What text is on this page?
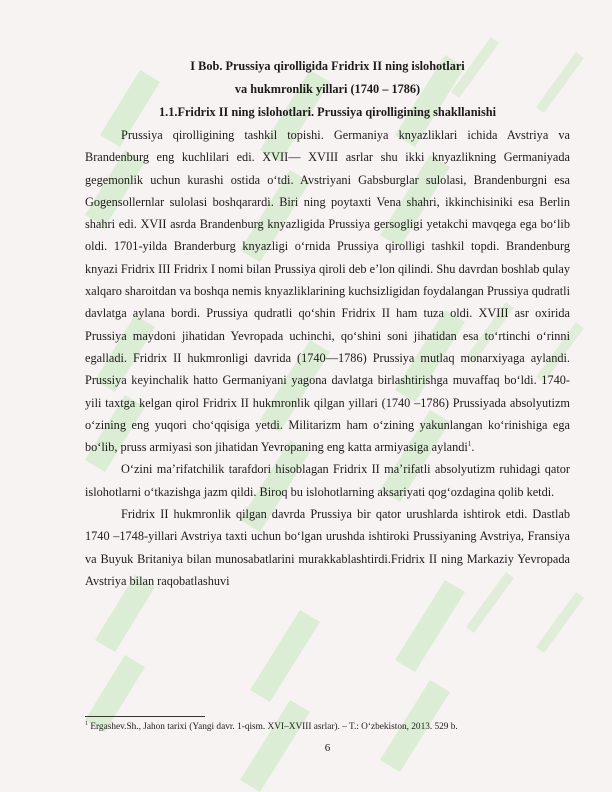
I Bob. Prussiya qirolligida Fridrix II ning islohotlari
va hukmronlik yillari (1740 – 1786)
1.1.Fridrix II ning islohotlari. Prussiya qirolligining shakllanishi

Prussiya qirolligining tashkil topishi. Germaniya knyazliklari ichida Avstriya va Brandenburg eng kuchlilari edi. XVII— XVIII asrlar shu ikki knyazlikning Germaniyada gegemonlik uchun kurashi ostida o‘tdi. Avstriyani Gabsburglar sulolasi, Brandenburgni esa Gogensollernlar sulolasi boshqarardi. Biri ning poytaxti Vena shahri, ikkinchisiniki esa Berlin shahri edi. XVII asrda Brandenburg knyazligida Prussiya gersogligi yetakchi mavqega ega bo‘lib oldi. 1701-yilda Branderburg knyazligi o‘rnida Prussiya qirolligi tashkil topdi. Brandenburg knyazi Fridrix III Fridrix I nomi bilan Prussiya qiroli deb e’lon qilindi. Shu davrdan boshlab qulay xalqaro sharoitdan va boshqa nemis knyazliklarining kuchsizligidan foydalangan Prussiya qudratli davlatga aylana bordi. Prussiya qudratli qo‘shin Fridrix II ham tuza oldi. XVIII asr oxirida Prussiya maydoni jihatidan Yevropada uchinchi, qo‘shini soni jihatidan esa to‘rtinchi o‘rinni egalladi. Fridrix II hukmronligi davrida (1740—1786) Prussiya mutlaq monarxiyaga aylandi. Prussiya keyinchalik hatto Germaniyani yagona davlatga birlashtirishga muvaffaq bo‘ldi. 1740-yili taxtga kelgan qirol Fridrix II hukmronlik qilgan yillari (1740 –1786) Prussiyada absolyutizm o‘zining eng yuqori cho‘qqisiga yetdi. Militarizm ham o‘zining yakunlangan ko‘rinishiga ega bo‘lib, pruss armiyasi son jihatidan Yevropaning eng katta armiyasiga aylandi$^1$.

O‘zini ma’rifatchilik tarafdori hisoblagan Fridrix II ma’rifatli absolyutizm ruhidagi qator islohotlarni o‘tkazishga jazm qildi. Biroq bu islohotlarning aksariyati qog‘ozdagina qolib ketdi.

Fridrix II hukmronlik qilgan davrda Prussiya bir qator urushlarda ishtirok etdi. Dastlab 1740 –1748-yillari Avstriya taxti uchun bo‘lgan urushda ishtiroki Prussiyaning Avstriya, Fransiya va Buyuk Britaniya bilan munosabatlarini murakkablashtirdi.Fridrix II ning Markaziy Yevropada Avstriya bilan raqobatlashuvi

$^1$ Ergashev.Sh., Jahon tarixi (Yangi davr. 1-qism. XVI–XVIII asrlar). – T.: O‘zbekiston, 2013. 529 b.
6
